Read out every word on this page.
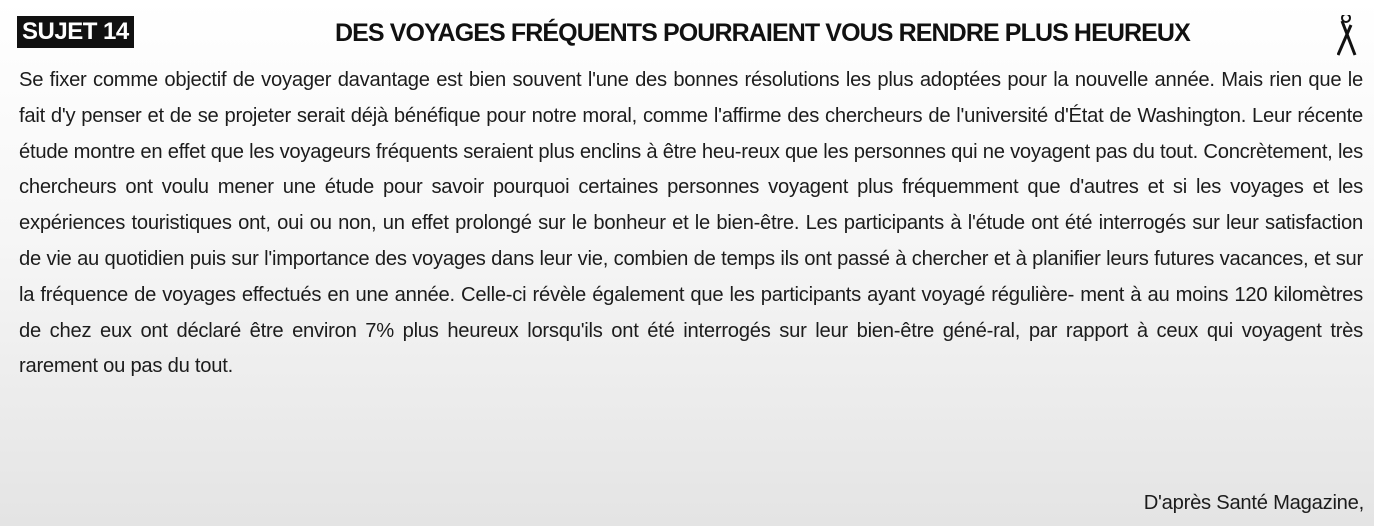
SUJET 14	DES VOYAGES FRÉQUENTS POURRAIENT VOUS RENDRE PLUS HEUREUX

Se fixer comme objectif de voyager davantage est bien souvent l'une des bonnes résolutions les plus adoptées pour la nouvelle année. Mais rien que le fait d'y penser et de se projeter serait déjà bénéfique pour notre moral, comme l'affirme des chercheurs de l'université d'État de Washington. Leur récente étude montre en effet que les voyageurs fréquents seraient plus enclins à être heu-reux que les personnes qui ne voyagent pas du tout. Concrètement, les chercheurs ont voulu mener une étude pour savoir pourquoi certaines personnes voyagent plus fréquemment que d'autres et si les voyages et les expériences touristiques ont, oui ou non, un effet prolongé sur le bonheur et le bien-être. Les participants à l'étude ont été interrogés sur leur satisfaction de vie au quotidien puis sur l'importance des voyages dans leur vie, combien de temps ils ont passé à chercher et à planifier leurs futures vacances, et sur la fréquence de voyages effectués en une année. Celle-ci révèle également que les participants ayant voyagé régulière- ment à au moins 120 kilomètres de chez eux ont déclaré être environ 7% plus heureux lorsqu'ils ont été interrogés sur leur bien-être géné-ral, par rapport à ceux qui voyagent très rarement ou pas du tout.

D'après Santé Magazine,
